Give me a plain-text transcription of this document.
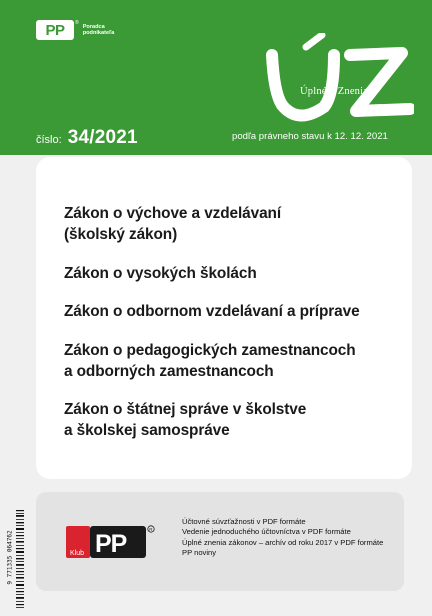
PP	®
Poradca
podnikateľa
Úplné § Znenia
číslo: 34/2021	podľa právneho stavu k 12. 12. 2021
Zákon o výchove a vzdelávaní
(školský zákon)
Zákon o vysokých školách
Zákon o odbornom vzdelávaní a príprave
Zákon o pedagogických zamestnancoch
a odborných zamestnancoch
Zákon o štátnej správe v školstve
a školskej samospráve
Klub PP
R
Účtovné súvzťažnosti v PDF formáte
Vedenie jednoduchého účtovníctva v PDF formáte
Úplné znenia zákonov – archív od roku 2017 v PDF formáte
PP noviny
9 771335 064762
